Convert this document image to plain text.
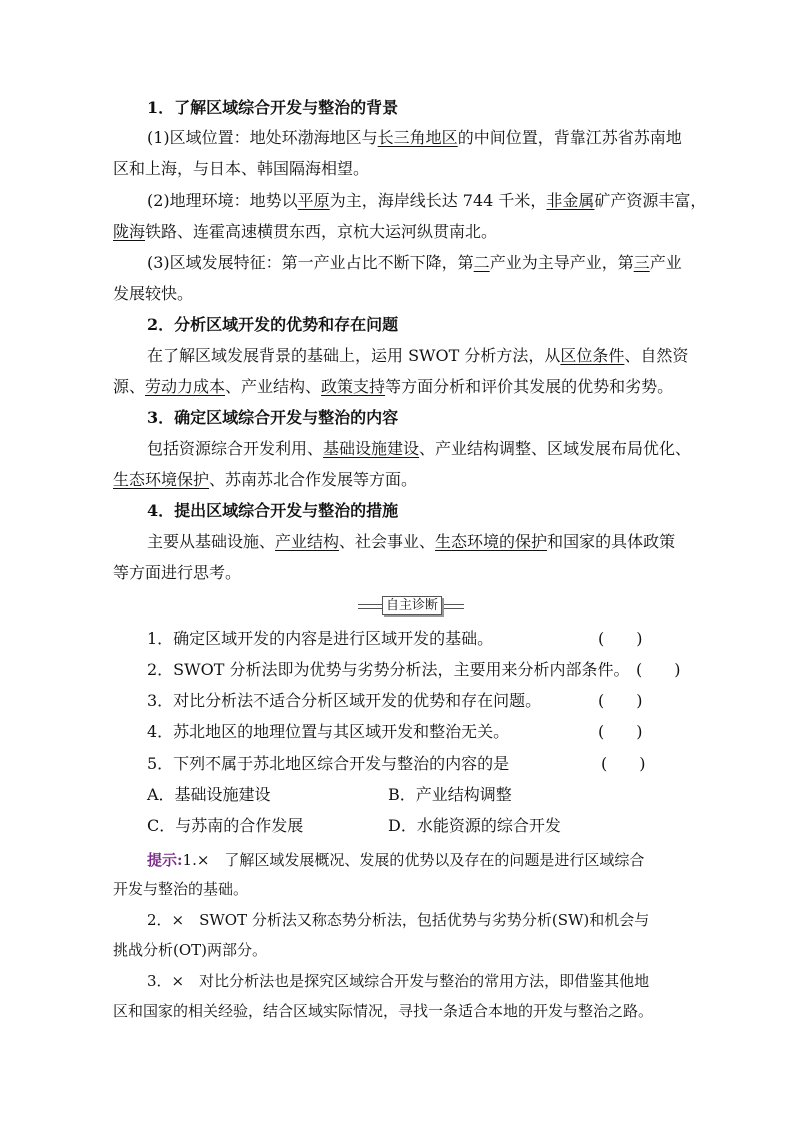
1．了解区域综合开发与整治的背景
(1)区域位置：地处环渤海地区与长三角地区的中间位置，背靠江苏省苏南地
区和上海，与日本、韩国隔海相望。
(2)地理环境：地势以平原为主，海岸线长达 744 千米，非金属矿产资源丰富，
陇海铁路、连霍高速横贯东西，京杭大运河纵贯南北。
(3)区域发展特征：第一产业占比不断下降，第二产业为主导产业，第三产业
发展较快。
2．分析区域开发的优势和存在问题
在了解区域发展背景的基础上，运用 SWOT 分析方法，从区位条件、自然资
源、劳动力成本、产业结构、政策支持等方面分析和评价其发展的优势和劣势。
3．确定区域综合开发与整治的内容
包括资源综合开发利用、基础设施建设、产业结构调整、区域发展布局优化、
生态环境保护、苏南苏北合作发展等方面。
4．提出区域综合开发与整治的措施
主要从基础设施、产业结构、社会事业、生态环境的保护和国家的具体政策
等方面进行思考。
自主诊断
1．确定区域开发的内容是进行区域开发的基础。	(　　)
2．SWOT 分析法即为优势与劣势分析法，主要用来分析内部条件。 (　　)
3．对比分析法不适合分析区域开发的优势和存在问题。	(　　)
4．苏北地区的地理位置与其区域开发和整治无关。	(　　)
5．下列不属于苏北地区综合开发与整治的内容的是	(　　)
A．基础设施建设	B．产业结构调整
C．与苏南的合作发展	D．水能资源的综合开发
提示:1.×　了解区域发展概况、发展的优势以及存在的问题是进行区域综合
开发与整治的基础。
2．×　SWOT 分析法又称态势分析法，包括优势与劣势分析(SW)和机会与
挑战分析(OT)两部分。
3．×　对比分析法也是探究区域综合开发与整治的常用方法，即借鉴其他地
区和国家的相关经验，结合区域实际情况，寻找一条适合本地的开发与整治之路。
